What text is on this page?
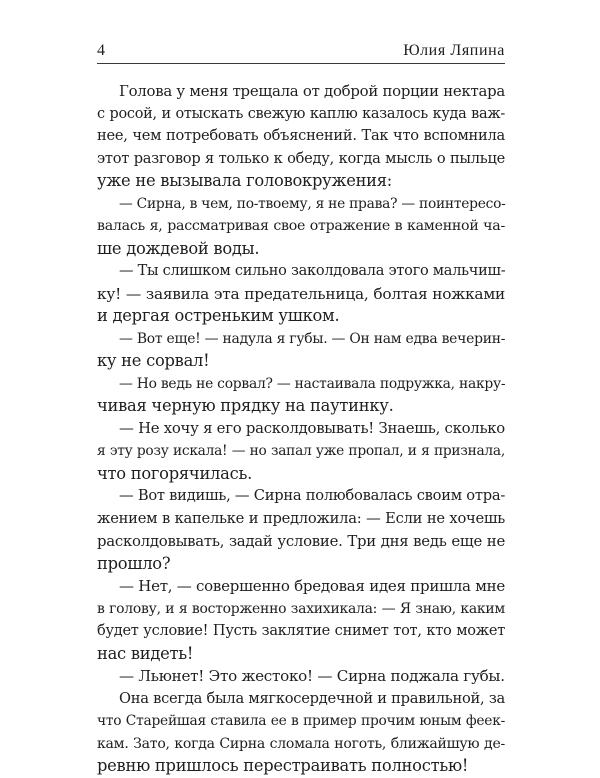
4	Юлия Ляпина
Голова у меня трещала от доброй порции нектара
с росой, и отыскать свежую каплю казалось куда важ-
нее, чем потребовать объяснений. Так что вспомнила
этот разговор я только к обеду, когда мысль о пыльце
уже не вызывала головокружения:
— Сирна, в чем, по-твоему, я не права? — поинтересо-
валась я, рассматривая свое отражение в каменной ча-
ше дождевой воды.
— Ты слишком сильно заколдовала этого мальчиш-
ку! — заявила эта предательница, болтая ножками
и дергая остреньким ушком.
— Вот еще! — надула я губы. — Он нам едва вечерин-
ку не сорвал!
— Но ведь не сорвал? — настаивала подружка, накру-
чивая черную прядку на паутинку.
— Не хочу я его расколдовывать! Знаешь, сколько
я эту розу искала! — но запал уже пропал, и я признала,
что погорячилась.
— Вот видишь, — Сирна полюбовалась своим отра-
жением в капельке и предложила: — Если не хочешь
расколдовывать, задай условие. Три дня ведь еще не
прошло?
— Нет, — совершенно бредовая идея пришла мне
в голову, и я восторженно захихикала: — Я знаю, каким
будет условие! Пусть заклятие снимет тот, кто может
нас видеть!
— Льюнет! Это жестоко! — Сирна поджала губы.
Она всегда была мягкосердечной и правильной, за
что Старейшая ставила ее в пример прочим юным феек-
кам. Зато, когда Сирна сломала ноготь, ближайшую де-
ревню пришлось перестраивать полностью!
